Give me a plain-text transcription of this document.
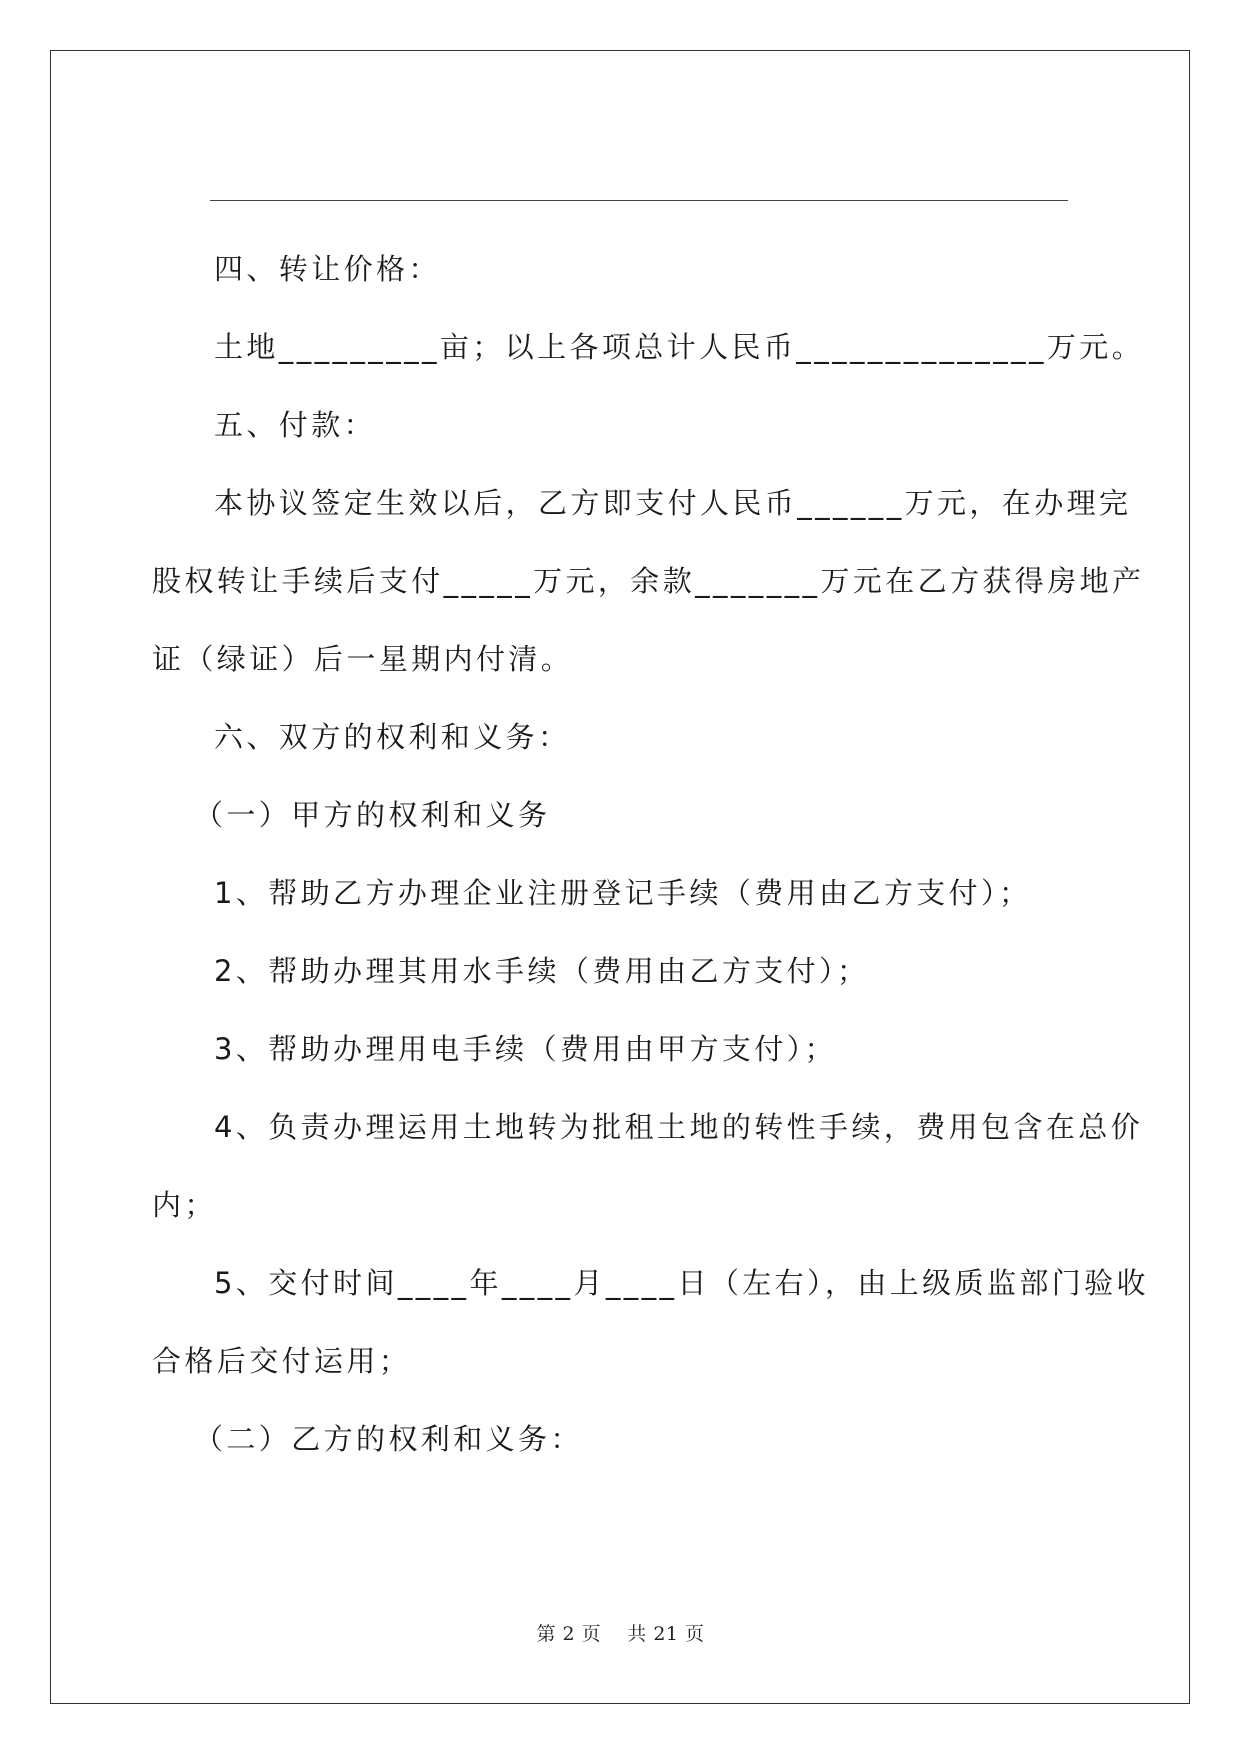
四、转让价格：

土地_________亩；以上各项总计人民币______________万元。

五、付款：

本协议签定生效以后，乙方即支付人民币______万元，在办理完

股权转让手续后支付_____万元，余款_______万元在乙方获得房地产

证（绿证）后一星期内付清。

六、双方的权利和义务：

（一）甲方的权利和义务

1、帮助乙方办理企业注册登记手续（费用由乙方支付）；

2、帮助办理其用水手续（费用由乙方支付）；

3、帮助办理用电手续（费用由甲方支付）；

4、负责办理运用土地转为批租土地的转性手续，费用包含在总价

内；

5、交付时间____年____月____日（左右），由上级质监部门验收

合格后交付运用；

（二）乙方的权利和义务：

第 2 页    共 21 页
